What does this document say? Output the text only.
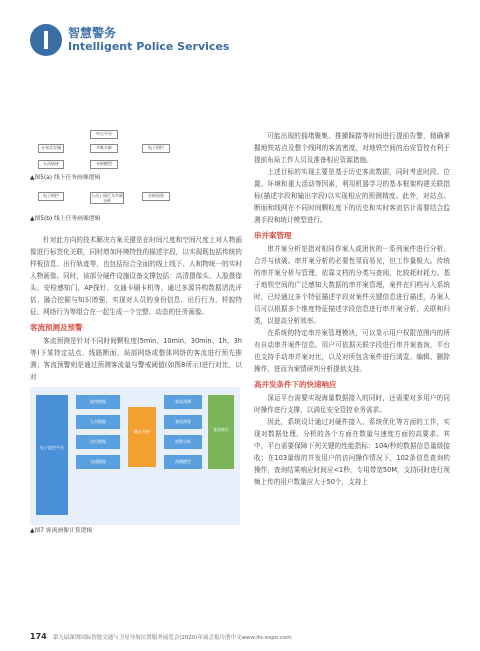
智慧警务
Intelligent Police Services
中心平台
分布式存储	多维关联	电子围栏
人员轨迹	分析模型
▲图5(a) 线下任务画像逻辑
电子围栏	人员上网行为关联分析
分析结果
▲图5(b) 线上任务画像逻辑

针对此方向的技术解决方案关键是在时间尺度和空间尺度上对人物画像进行标签化关联，同时增加环境特性的描述字段，以实现既包括传统的样板信息、出行轨迹等，也包括综合全面的线上线下、人和物统一的实时人物画像。同时，该部分硬件设施设备支撑包括：高清摄像头、人脸摄像头、安检感知门、AP探针、交通卡刷卡机等，通过多源异构数据清洗评估、融合挖掘与知识增强，实现对人员的身份信息、出行行为、样貌特征、网络行为等组合在一起生成一个完整、动态的任务画像。

客流预测及预警

客流预测是针对不同时间颗粒度(5min、10min、30min、1h、3h等)下某特定站点、线路断面、局部网络或整体网络的客流进行预先推测；客流预警则是通过预测客流量与警戒阈值(如图8所示)进行对比，以对

电子监控平台
监控数据
人员数据
出行数据
交通数据
融合分析
客流预测
客流预警
预警分级
预测模型
客流统计
▲图7 客流画像计算逻辑

可能出现的拥堵聚集、推搡踩踏等时间进行提前告警，精确掌握地铁站点及整个线网的客流密度，对地铁空间的治安管控有利于提前布局工作人员及准备相应资源措施。

上述目标的实现主要是基于历史客流数据，同时考虑时段、位置、环境和重大活动等因素，利用机器学习的基本框架构建关联指标(描述字段和输出字段)以实现相应的预测精度。此外，对站点、断面和线网在不同时间颗粒度下的历史和实时客流估计需要结合监测手段和统计模型进行。

串并案管理

串并案分析是指对相同作案人或团伙的一系列案件进行分析、合并与侦破。串并案分析的必要性显而易见，但工作量极大。传统的串并案分析与管理，依靠文档的分类与查阅，比较耗时耗力。基于地铁空间的广泛感知大数据的串并案管理，案件在归档写入系统时，已经通过多个特征描述字段对案件关键信息进行描述，办案人员可以根据多个维度特征描述字段信息进行串并案分析，关联和归类，以提高分析效率。

在系统的特定串并案管理模块，可以显示用户权限范围内的所有自动串并案件信息。用户可依据关联字段进行串并案查询，平台也支持手动串并案对比，以及对所包含案件进行浏览、编辑、删除操作，进而为案情研判分析提供支持。

高并发条件下的快速响应

深运平台需要实现海量数据接入的同时，还需要对多用户的同时操作进行支撑，以满足安全管控业务需求。

因此，系统设计通过对硬件接入、系统优化等方面的工作，实现对数据处理、分析的各个方面在数量与速度方面的高要求。其中，平台需要保障下列关键的性能指标：104/秒的数据信息量级接收；在103量级的并发用户的访问操作情况下，102条信息查询的操作，查询结果响应时间应<1秒，专用带宽50M，支持同时进行视频上传的用户数量应大于50个，支持上

174 第九届深圳国际智能交通与卫星导航位置服务展览会(2020)年展会报告册中文www.its-expo.com
